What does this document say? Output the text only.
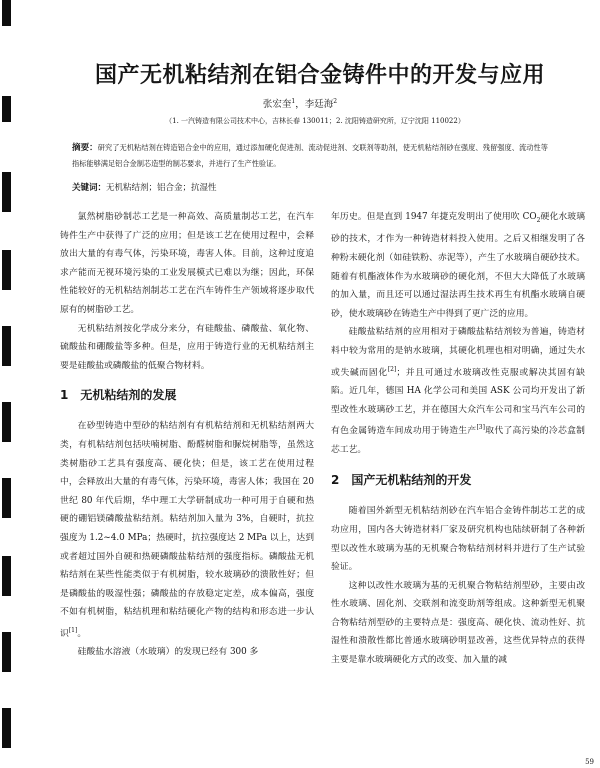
国产无机粘结剂在铝合金铸件中的开发与应用
张宏奎$^1$，李廷海$^2$
（1. 一汽铸造有限公司技术中心，吉林长春 130011；2. 沈阳铸造研究所，辽宁沈阳 110022）
摘要：研究了无机粘结剂在铸造铝合金中的应用，通过添加硬化促进剂、流动促进剂、交联剂等助剂，使无机粘结剂砂在强度、残留强度、流动性等指标能够满足铝合金制芯造型的制芯要求，并进行了生产性验证。
关键词：无机粘结剂；铝合金；抗湿性

氯然树脂砂制芯工艺是一种高效、高质量制芯工艺，在汽车铸件生产中获得了广泛的应用；但是该工艺在使用过程中，会释放出大量的有毒气体，污染环境，毒害人体。目前，这种过度追求产能而无视环境污染的工业发展模式已难以为继；因此，环保性能较好的无机粘结剂制芯工艺在汽车铸件生产领域将逐步取代原有的树脂砂工艺。

无机粘结剂按化学成分来分，有硅酸盐、磷酸盐、氧化物、硫酸盐和硼酸盐等多种。但是，应用于铸造行业的无机粘结剂主要是硅酸盐或磷酸盐的低聚合物材料。

1　无机粘结剂的发展

在砂型铸造中型砂的粘结剂有有机粘结剂和无机粘结剂两大类，有机粘结剂包括呋喃树脂、酚醛树脂和脲烷树脂等，虽然这类树脂砂工艺具有强度高、硬化快；但是，该工艺在使用过程中，会释放出大量的有毒气体，污染环境，毒害人体；我国在 20 世纪 80 年代后期，华中理工大学研制成功一种可用于自硬和热硬的硼铝镁磷酸盐粘结剂。粘结剂加入量为 3%，自硬时，抗拉强度为 1.2~4.0 MPa；热硬时，抗拉强度达 2 MPa 以上，达到或者超过国外自硬和热硬磷酸盐粘结剂的强度指标。磷酸盐无机粘结剂在某些性能类似于有机树脂，较水玻璃砂的溃散性好；但是磷酸盐的吸湿性强；磷酸盐的存放稳定定差，成本偏高，强度不如有机树脂，粘结机理和粘结硬化产物的结构和形态进一步认识[1]。

硅酸盐水溶液（水玻璃）的发现已经有 300 多

年历史。但是直到 1947 年捷克发明出了使用吹 $CO_2$硬化水玻璃砂的技术，才作为一种铸造材料投入使用。之后又相继发明了各种粉末硬化剂（如硅铁粉、赤泥等），产生了水玻璃自硬砂技术。随着有机酯液体作为水玻璃砂的硬化剂，不但大大降低了水玻璃的加入量，而且还可以通过湿法再生技术再生有机酯水玻璃自硬砂，使水玻璃砂在铸造生产中得到了更广泛的应用。

硅酸盐粘结剂的应用相对于磷酸盐粘结剂较为普遍，铸造材料中较为常用的是钠水玻璃，其硬化机理也相对明确，通过失水或失碱而固化[2]；并且可通过水玻璃改性克服或解决其固有缺陷。近几年，德国 HA 化学公司和美国 ASK 公司均开发出了新型改性水玻璃砂工艺，并在德国大众汽车公司和宝马汽车公司的有色金属铸造车间成功用于铸造生产[3]取代了高污染的冷芯盒制芯工艺。

2　国产无机粘结剂的开发

随着国外新型无机粘结剂砂在汽车铝合金铸件制芯工艺的成功应用，国内各大铸造材料厂家及研究机构也陆续研制了各种新型以改性水玻璃为基的无机聚合物粘结剂材料并进行了生产试验验证。

这种以改性水玻璃为基的无机聚合物粘结剂型砂，主要由改性水玻璃、固化剂、交联剂和流变助剂等组成。这种新型无机聚合物粘结剂型砂的主要特点是：强度高、硬化快、流动性好、抗湿性和溃散性都比普通水玻璃砂明显改善，这些优异特点的获得主要是靠水玻璃硬化方式的改变、加入量的减

59
